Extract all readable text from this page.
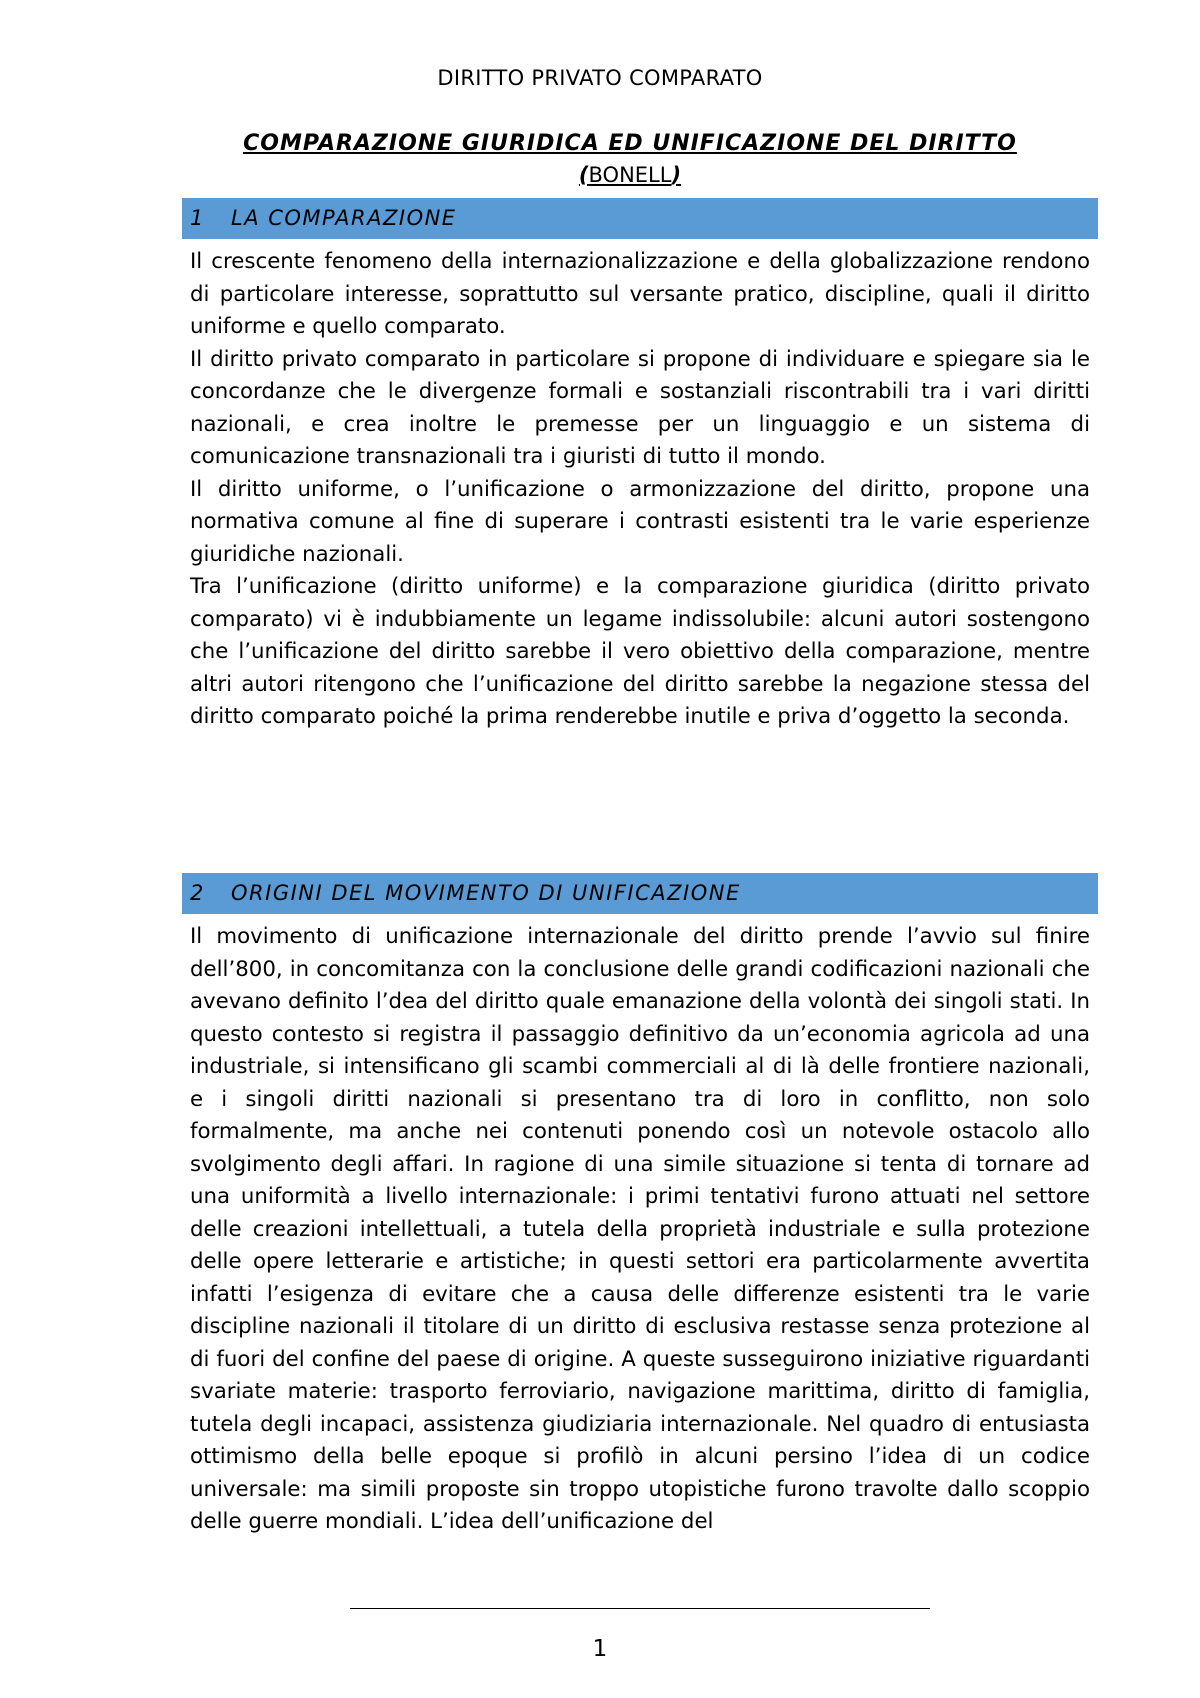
DIRITTO PRIVATO COMPARATO
COMPARAZIONE GIURIDICA ED UNIFICAZIONE DEL DIRITTO
(BONELL)
1 LA COMPARAZIONE

Il crescente fenomeno della internazionalizzazione e della globalizzazione rendono di particolare interesse, soprattutto sul versante pratico, discipline, quali il diritto uniforme e quello comparato.

Il diritto privato comparato in particolare si propone di individuare e spiegare sia le concordanze che le divergenze formali e sostanziali riscontrabili tra i vari diritti nazionali, e crea inoltre le premesse per un linguaggio e un sistema di comunicazione transnazionali tra i giuristi di tutto il mondo.

Il diritto uniforme, o l’unificazione o armonizzazione del diritto, propone una normativa comune al fine di superare i contrasti esistenti tra le varie esperienze giuridiche nazionali.

Tra l’unificazione (diritto uniforme) e la comparazione giuridica (diritto privato comparato) vi è indubbiamente un legame indissolubile: alcuni autori sostengono che l’unificazione del diritto sarebbe il vero obiettivo della comparazione, mentre altri autori ritengono che l’unificazione del diritto sarebbe la negazione stessa del diritto comparato poiché la prima renderebbe inutile e priva d’oggetto la seconda.

2 ORIGINI DEL MOVIMENTO DI UNIFICAZIONE

Il movimento di unificazione internazionale del diritto prende l’avvio sul finire dell’800, in concomitanza con la conclusione delle grandi codificazioni nazionali che avevano definito l’dea del diritto quale emanazione della volontà dei singoli stati. In questo contesto si registra il passaggio definitivo da un’economia agricola ad una industriale, si intensificano gli scambi commerciali al di là delle frontiere nazionali, e i singoli diritti nazionali si presentano tra di loro in conflitto, non solo formalmente, ma anche nei contenuti ponendo così un notevole ostacolo allo svolgimento degli affari. In ragione di una simile situazione si tenta di tornare ad una uniformità a livello internazionale: i primi tentativi furono attuati nel settore delle creazioni intellettuali, a tutela della proprietà industriale e sulla protezione delle opere letterarie e artistiche; in questi settori era particolarmente avvertita infatti l’esigenza di evitare che a causa delle differenze esistenti tra le varie discipline nazionali il titolare di un diritto di esclusiva restasse senza protezione al di fuori del confine del paese di origine. A queste susseguirono iniziative riguardanti svariate materie: trasporto ferroviario, navigazione marittima, diritto di famiglia, tutela degli incapaci, assistenza giudiziaria internazionale. Nel quadro di entusiasta ottimismo della belle epoque si profilò in alcuni persino l’idea di un codice universale: ma simili proposte sin troppo utopistiche furono travolte dallo scoppio delle guerre mondiali. L’idea dell’unificazione del

1
